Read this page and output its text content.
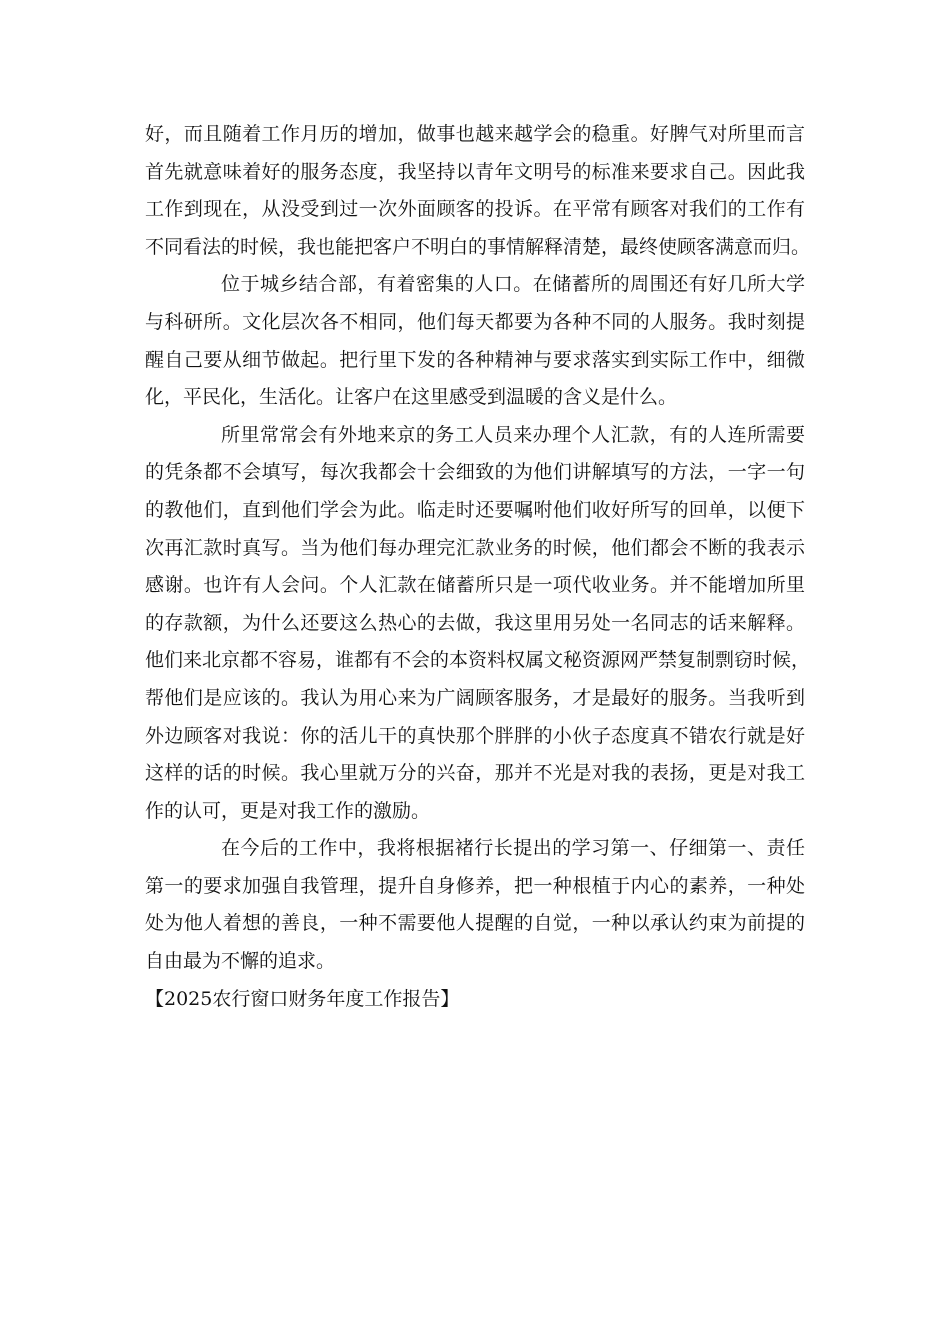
好，而且随着工作月历的增加，做事也越来越学会的稳重。好脾气对所里而言
首先就意味着好的服务态度，我坚持以青年文明号的标准来要求自己。因此我
工作到现在，从没受到过一次外面顾客的投诉。在平常有顾客对我们的工作有
不同看法的时候，我也能把客户不明白的事情解释清楚，最终使顾客满意而归。
位于城乡结合部，有着密集的人口。在储蓄所的周围还有好几所大学
与科研所。文化层次各不相同，他们每天都要为各种不同的人服务。我时刻提
醒自己要从细节做起。把行里下发的各种精神与要求落实到实际工作中，细微
化，平民化，生活化。让客户在这里感受到温暖的含义是什么。
所里常常会有外地来京的务工人员来办理个人汇款，有的人连所需要
的凭条都不会填写，每次我都会十会细致的为他们讲解填写的方法，一字一句
的教他们，直到他们学会为此。临走时还要嘱咐他们收好所写的回单，以便下
次再汇款时真写。当为他们每办理完汇款业务的时候，他们都会不断的我表示
感谢。也许有人会问。个人汇款在储蓄所只是一项代收业务。并不能增加所里
的存款额，为什么还要这么热心的去做，我这里用另处一名同志的话来解释。
他们来北京都不容易，谁都有不会的本资料权属文秘资源网严禁复制剽窃时候，
帮他们是应该的。我认为用心来为广阔顾客服务，才是最好的服务。当我听到
外边顾客对我说：你的活儿干的真快那个胖胖的小伙子态度真不错农行就是好
这样的话的时候。我心里就万分的兴奋，那并不光是对我的表扬，更是对我工
作的认可，更是对我工作的激励。
在今后的工作中，我将根据褚行长提出的学习第一、仔细第一、责任
第一的要求加强自我管理，提升自身修养，把一种根植于内心的素养，一种处
处为他人着想的善良，一种不需要他人提醒的自觉，一种以承认约束为前提的
自由最为不懈的追求。
【2025农行窗口财务年度工作报告】
